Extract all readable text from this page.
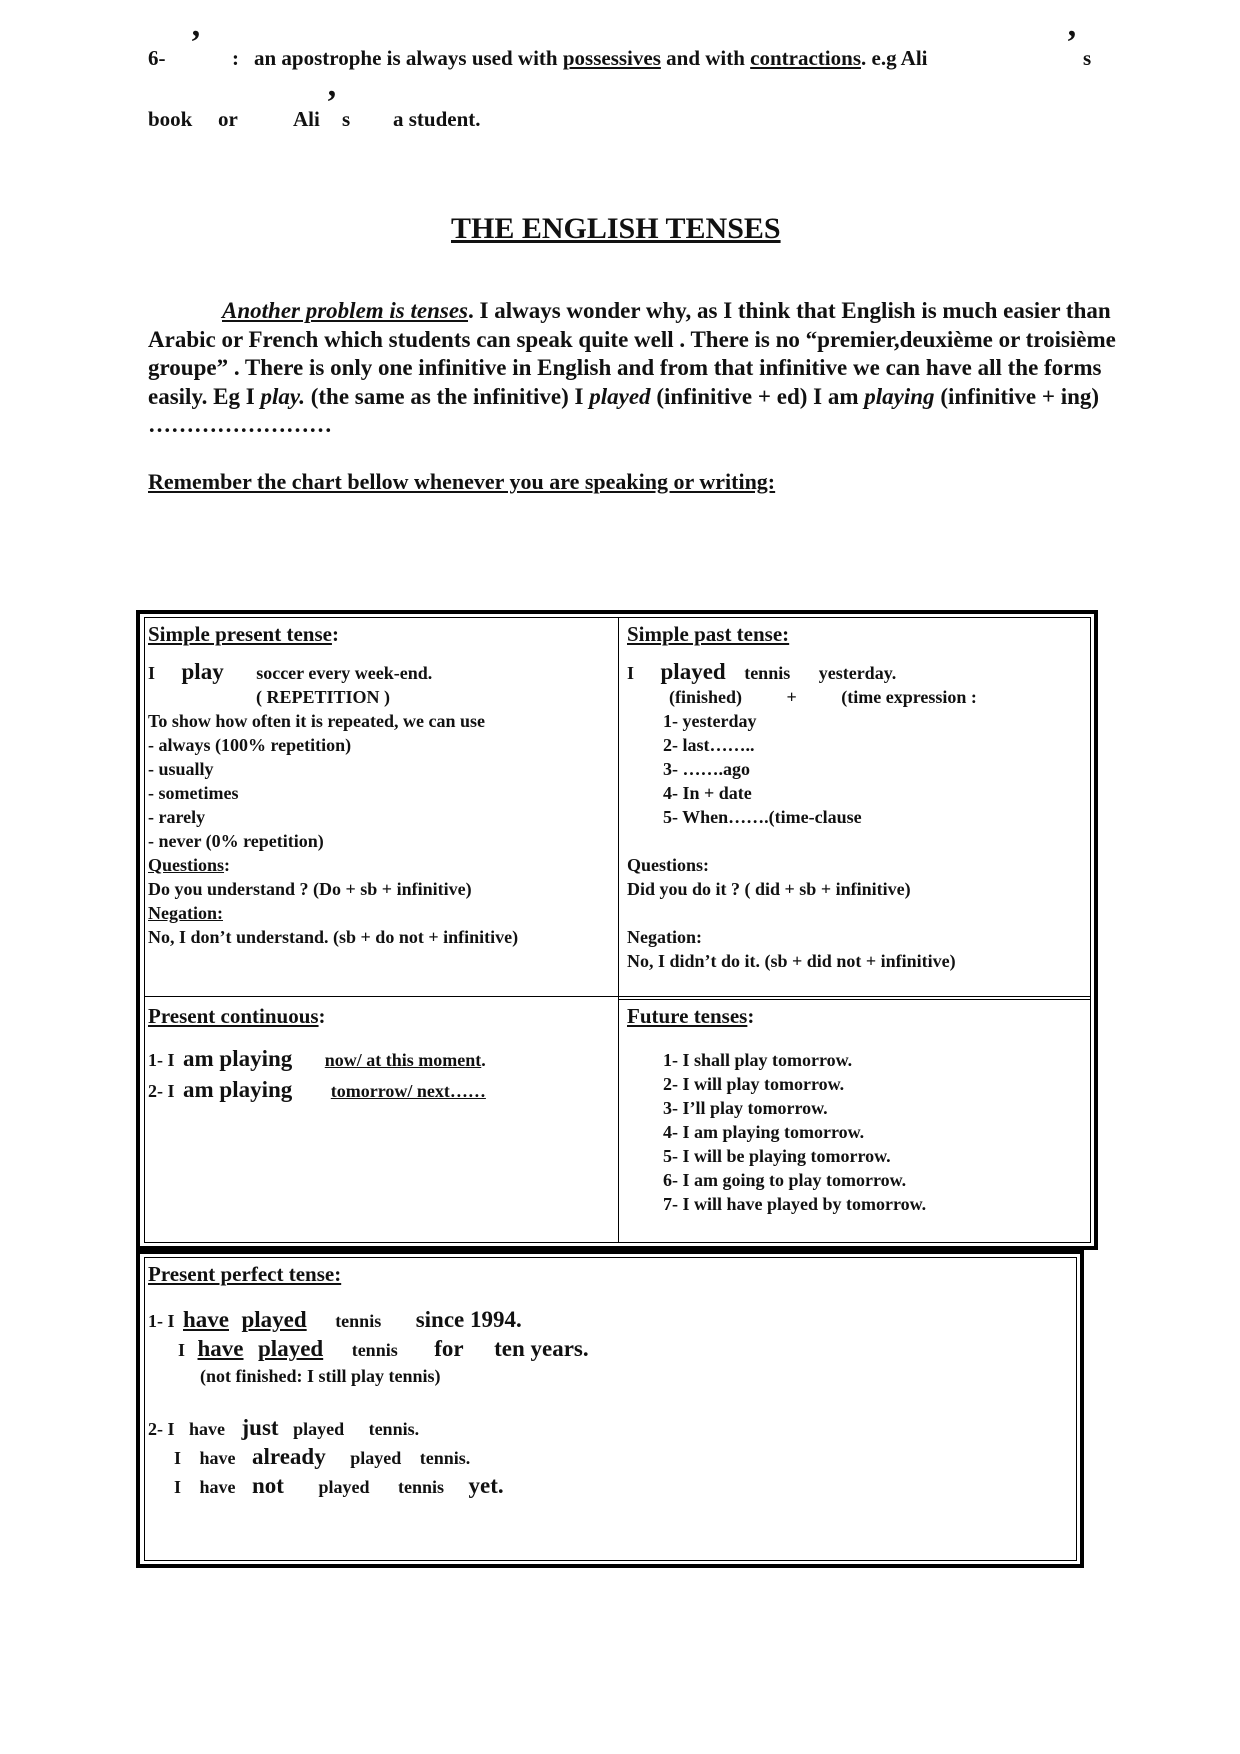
6- ’ : an apostrophe is always used with possessives and with contractions. e.g Ali	’ s
book or	Ali ’ s a student.
THE ENGLISH TENSES

Another problem is tenses. I always wonder why, as I think that English is much easier than Arabic or French which students can speak quite well . There is no “premier,deuxième or troisième groupe” . There is only one infinitive in English and from that infinitive we can have all the forms easily. Eg I play. (the same as the infinitive) I played (infinitive + ed) I am playing (infinitive + ing) ……………………

Remember the chart bellow whenever you are speaking or writing:
Simple present tense:
I play soccer every week-end.
( REPETITION )
To show how often it is repeated, we can use
- always (100% repetition)
- usually
- sometimes
- rarely
- never (0% repetition)
Questions:
Do you understand ? (Do + sb + infinitive)
Negation:
No, I don’t understand. (sb + do not + infinitive)
Simple past tense:
I played tennis yesterday.
(finished) + (time expression :
1- yesterday
2- last……..
3- …….ago
4- In + date
5- When…….(time-clause
Questions:
Did you do it ? ( did + sb + infinitive)
Negation:
No, I didn’t do it. (sb + did not + infinitive)
Present continuous:
1- I am playing now/ at this moment.
2- I am playing tomorrow/ next……
Future tenses:
1- I shall play tomorrow.
2- I will play tomorrow.
3- I’ll play tomorrow.
4- I am playing tomorrow.
5- I will be playing tomorrow.
6- I am going to play tomorrow.
7- I will have played by tomorrow.
Present perfect tense:
1- I have played tennis since 1994.
I have played tennis for ten years.
(not finished: I still play tennis)
2- I have just played tennis.
I have already played tennis.
I have not played tennis yet.
